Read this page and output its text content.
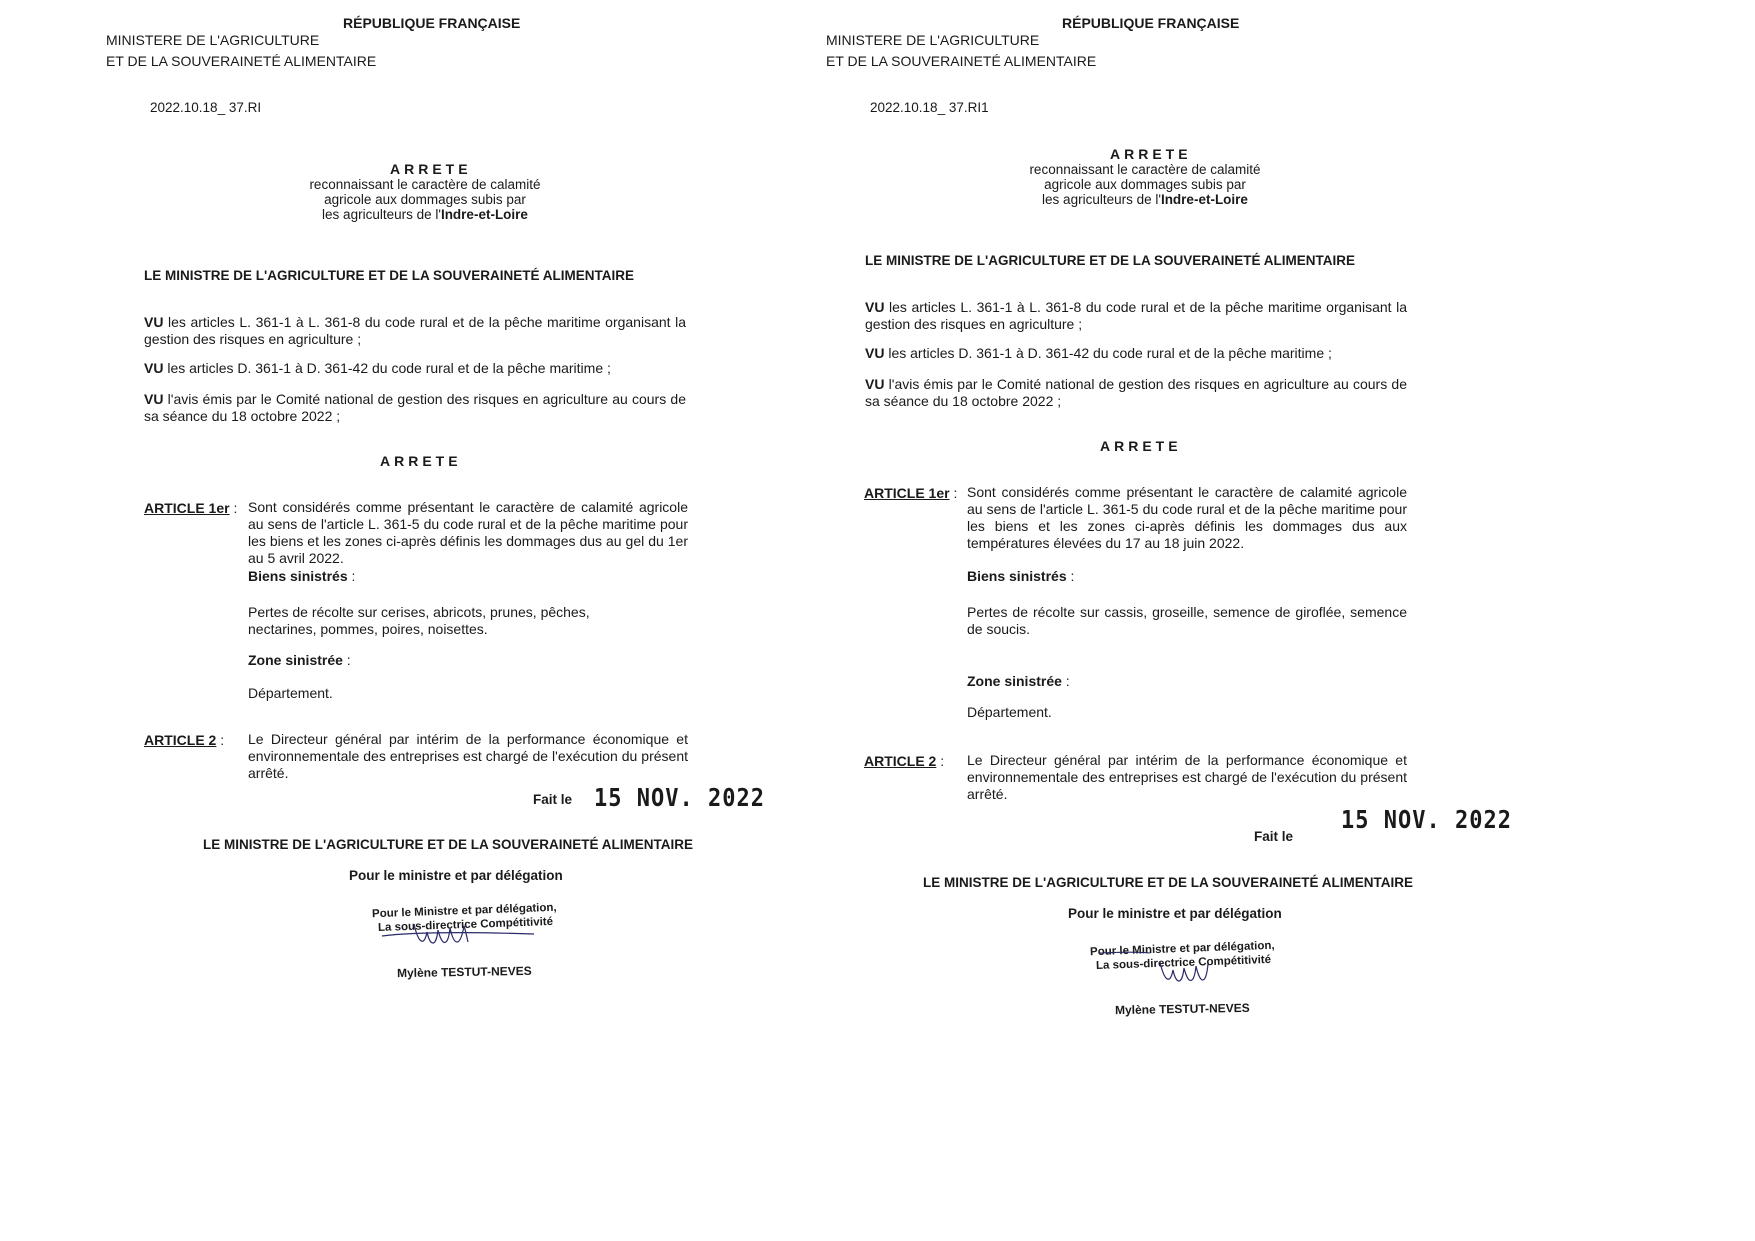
RÉPUBLIQUE FRANÇAISE
MINISTERE DE L'AGRICULTURE
ET DE LA SOUVERAINETÉ ALIMENTAIRE
2022.10.18_ 37.RI
ARRETE
reconnaissant le caractère de calamité
agricole aux dommages subis par
les agriculteurs de l'Indre-et-Loire
LE MINISTRE DE L'AGRICULTURE ET DE LA SOUVERAINETÉ ALIMENTAIRE
VU les articles L. 361-1 à L. 361-8 du code rural et de la pêche maritime organisant la gestion des risques en agriculture ;
VU les articles D. 361-1 à D. 361-42 du code rural et de la pêche maritime ;
VU l'avis émis par le Comité national de gestion des risques en agriculture au cours de sa séance du 18 octobre 2022 ;
ARRETE
ARTICLE 1er : Sont considérés comme présentant le caractère de calamité agricole au sens de l'article L. 361-5 du code rural et de la pêche maritime pour les biens et les zones ci-après définis les dommages dus au gel du 1er au 5 avril 2022.
Biens sinistrés :
Pertes de récolte sur cerises, abricots, prunes, pêches, nectarines, pommes, poires, noisettes.
Zone sinistrée :
Département.
ARTICLE 2 : Le Directeur général par intérim de la performance économique et environnementale des entreprises est chargé de l'exécution du présent arrêté.
Fait le 15 NOV. 2022
LE MINISTRE DE L'AGRICULTURE ET DE LA SOUVERAINETÉ ALIMENTAIRE
Pour le ministre et par délégation
Pour le Ministre et par délégation,
La sous-directrice Compétitivité
Mylène TESTUT-NEVES
RÉPUBLIQUE FRANÇAISE
MINISTERE DE L'AGRICULTURE
ET DE LA SOUVERAINETÉ ALIMENTAIRE
2022.10.18_ 37.RI1
ARRETE
reconnaissant le caractère de calamité
agricole aux dommages subis par
les agriculteurs de l'Indre-et-Loire
LE MINISTRE DE L'AGRICULTURE ET DE LA SOUVERAINETÉ ALIMENTAIRE
VU les articles L. 361-1 à L. 361-8 du code rural et de la pêche maritime organisant la gestion des risques en agriculture ;
VU les articles D. 361-1 à D. 361-42 du code rural et de la pêche maritime ;
VU l'avis émis par le Comité national de gestion des risques en agriculture au cours de sa séance du 18 octobre 2022 ;
ARRETE
ARTICLE 1er : Sont considérés comme présentant le caractère de calamité agricole au sens de l'article L. 361-5 du code rural et de la pêche maritime pour les biens et les zones ci-après définis les dommages dus aux températures élevées du 17 au 18 juin 2022.
Biens sinistrés :
Pertes de récolte sur cassis, groseille, semence de giroflée, semence de soucis.
Zone sinistrée :
Département.
ARTICLE 2 : Le Directeur général par intérim de la performance économique et environnementale des entreprises est chargé de l'exécution du présent arrêté.
Fait le
15 NOV. 2022
LE MINISTRE DE L'AGRICULTURE ET DE LA SOUVERAINETÉ ALIMENTAIRE
Pour le ministre et par délégation
Pour le Ministre et par délégation,
La sous-directrice Compétitivité
Mylène TESTUT-NEVES
